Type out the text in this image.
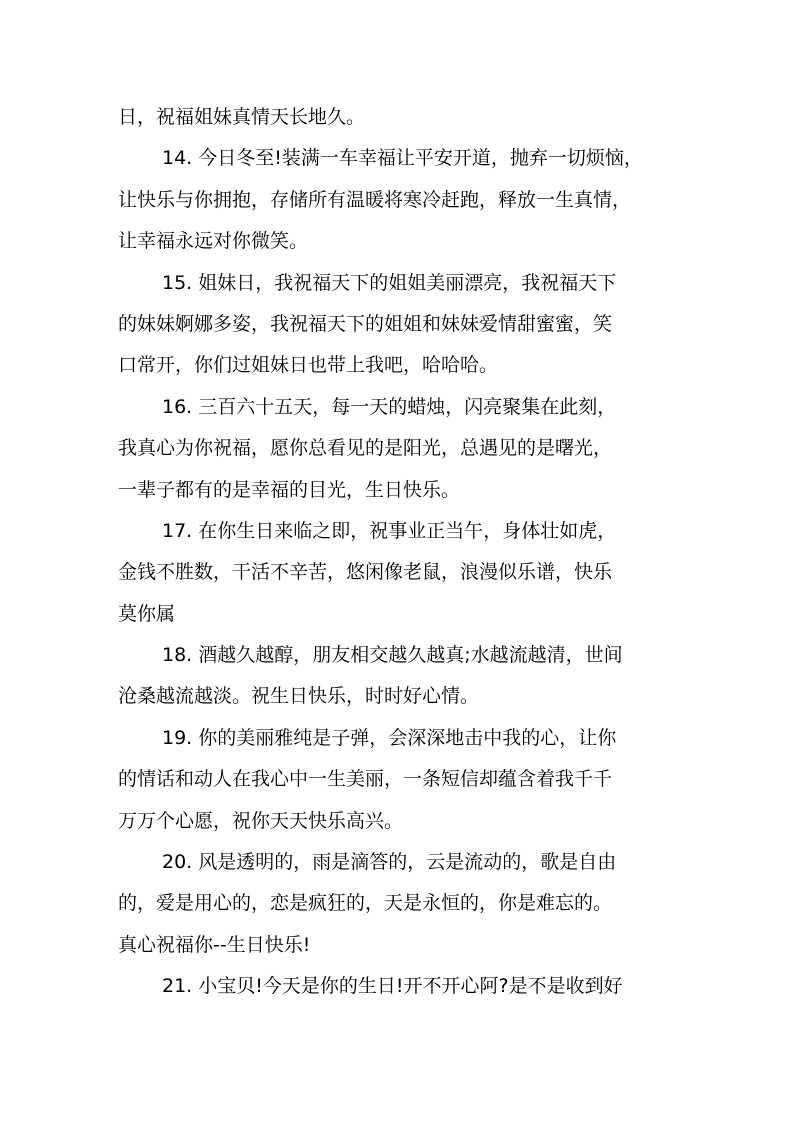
日，祝福姐妹真情天长地久。
14. 今日冬至!装满一车幸福让平安开道，抛弃一切烦恼，
让快乐与你拥抱，存储所有温暖将寒冷赶跑，释放一生真情，
让幸福永远对你微笑。
15. 姐妹日，我祝福天下的姐姐美丽漂亮，我祝福天下
的妹妹婀娜多姿，我祝福天下的姐姐和妹妹爱情甜蜜蜜，笑
口常开，你们过姐妹日也带上我吧，哈哈哈。
16. 三百六十五天，每一天的蜡烛，闪亮聚集在此刻，
我真心为你祝福，愿你总看见的是阳光，总遇见的是曙光，
一辈子都有的是幸福的目光，生日快乐。
17. 在你生日来临之即，祝事业正当午，身体壮如虎，
金钱不胜数，干活不辛苦，悠闲像老鼠，浪漫似乐谱，快乐
莫你属
18. 酒越久越醇，朋友相交越久越真;水越流越清，世间
沧桑越流越淡。祝生日快乐，时时好心情。
19. 你的美丽雅纯是子弹，会深深地击中我的心，让你
的情话和动人在我心中一生美丽，一条短信却蕴含着我千千
万万个心愿，祝你天天快乐高兴。
20. 风是透明的，雨是滴答的，云是流动的，歌是自由
的，爱是用心的，恋是疯狂的，天是永恒的，你是难忘的。
真心祝福你--生日快乐!
21. 小宝贝!今天是你的生日!开不开心阿?是不是收到好
